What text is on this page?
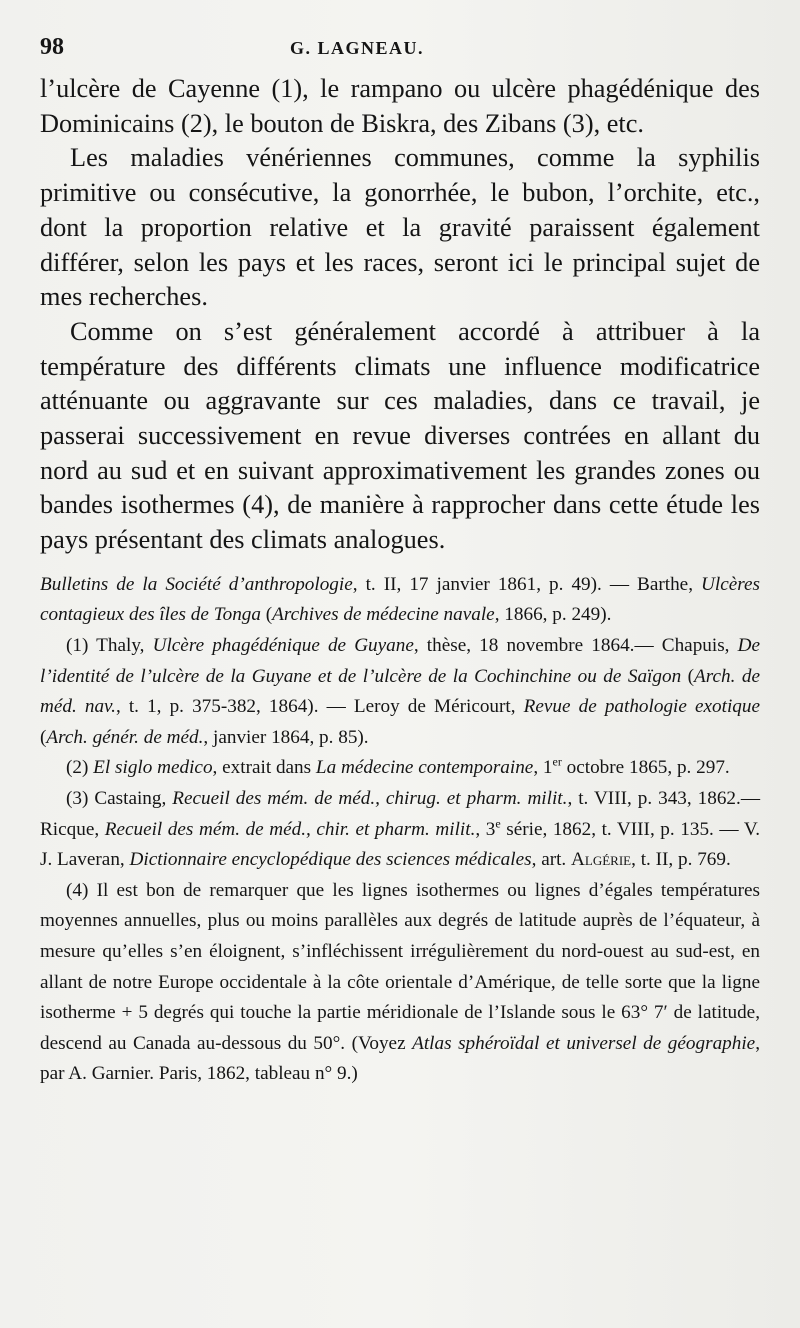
98	G. LAGNEAU.

l’ulcère de Cayenne (1), le rampano ou ulcère phagédénique des Dominicains (2), le bouton de Biskra, des Zibans (3), etc.

Les maladies vénériennes communes, comme la syphilis primitive ou consécutive, la gonorrhée, le bubon, l’orchite, etc., dont la proportion relative et la gravité paraissent également différer, selon les pays et les races, seront ici le principal sujet de mes recherches.

Comme on s’est généralement accordé à attribuer à la température des différents climats une influence modificatrice atténuante ou aggravante sur ces maladies, dans ce travail, je passerai successivement en revue diverses contrées en allant du nord au sud et en suivant approximativement les grandes zones ou bandes isothermes (4), de manière à rapprocher dans cette étude les pays présentant des climats analogues.

Bulletins de la Société d’anthropologie, t. II, 17 janvier 1861, p. 49). — Barthe, Ulcères contagieux des îles de Tonga (Archives de médecine navale, 1866, p. 249).

(1) Thaly, Ulcère phagédénique de Guyane, thèse, 18 novembre 1864.— Chapuis, De l’identité de l’ulcère de la Guyane et de l’ulcère de la Cochinchine ou de Saïgon (Arch. de méd. nav., t. 1, p. 375-382, 1864). — Leroy de Méricourt, Revue de pathologie exotique (Arch. génér. de méd., janvier 1864, p. 85).

(2) El siglo medico, extrait dans La médecine contemporaine, 1er octobre 1865, p. 297.

(3) Castaing, Recueil des mém. de méd., chirug. et pharm. milit., t. VIII, p. 343, 1862.—Ricque, Recueil des mém. de méd., chir. et pharm. milit., 3e série, 1862, t. VIII, p. 135. — V. J. Laveran, Dictionnaire encyclopédique des sciences médicales, art. Algérie, t. II, p. 769.

(4) Il est bon de remarquer que les lignes isothermes ou lignes d’égales températures moyennes annuelles, plus ou moins parallèles aux degrés de latitude auprès de l’équateur, à mesure qu’elles s’en éloignent, s’infléchissent irrégulièrement du nord-ouest au sud-est, en allant de notre Europe occidentale à la côte orientale d’Amérique, de telle sorte que la ligne isotherme + 5 degrés qui touche la partie méridionale de l’Islande sous le 63° 7′ de latitude, descend au Canada au-dessous du 50°. (Voyez Atlas sphéroïdal et universel de géographie, par A. Garnier. Paris, 1862, tableau n° 9.)
